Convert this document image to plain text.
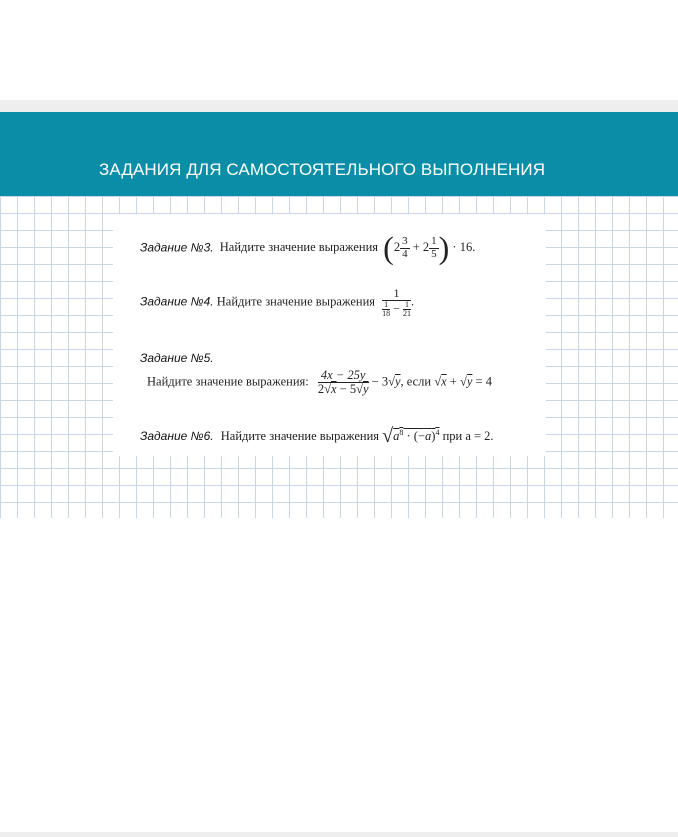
ЗАДАНИЯ ДЛЯ САМОСТОЯТЕЛЬНОГО ВЫПОЛНЕНИЯ
Задание №3. Найдите значение выражения ($2 \frac{3}{4} + 2 \frac{1}{5}$ ) · 16.
Задание №4. Найдите значение выражения $\frac{1}{\frac{1}{18} - \frac{1}{21}}$ .
Задание №5.
Найдите значение выражения: $\frac{4x - 25y}{2√x - 5√y} - 3√y$, если √x + √y = 4
Задание №6. Найдите значение выражения $√a^8 \cdot (-a)^4$ при a = 2.
